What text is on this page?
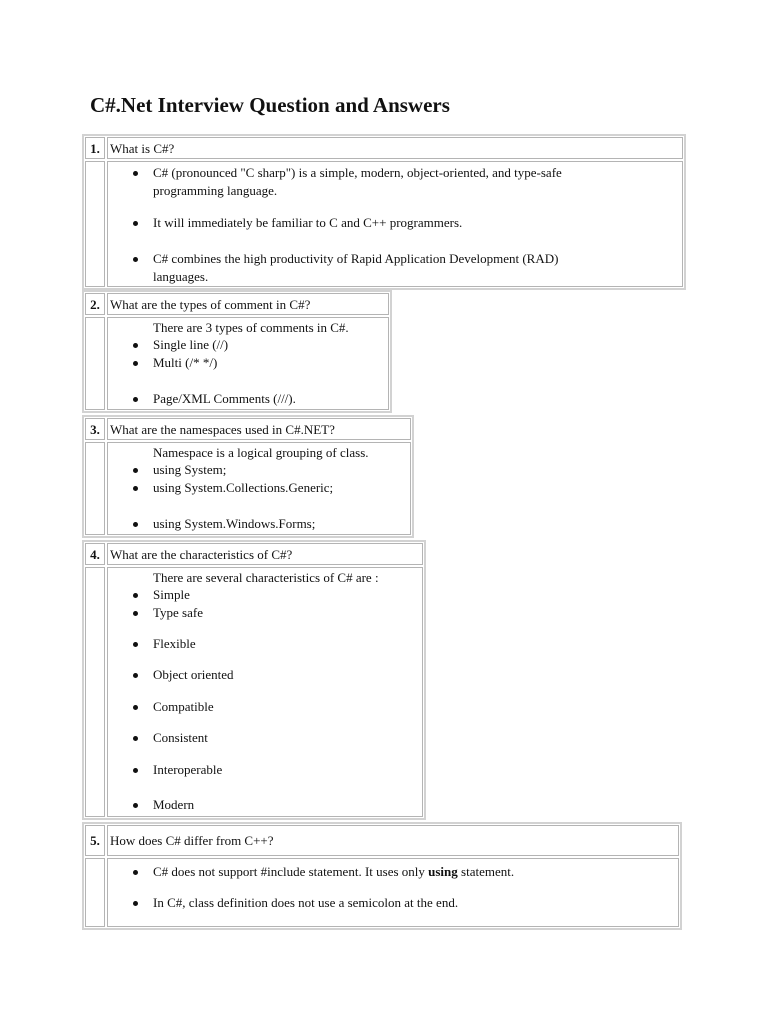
C#.Net Interview Question and Answers
1. What is C#?
C# (pronounced "C sharp") is a simple, modern, object-oriented, and type-safe
programming language.
It will immediately be familiar to C and C++ programmers.
C# combines the high productivity of Rapid Application Development (RAD)
languages.
2. What are the types of comment in C#?
There are 3 types of comments in C#.
Single line (//)
Multi (/* */)
Page/XML Comments (///).
3. What are the namespaces used in C#.NET?
Namespace is a logical grouping of class.
using System;
using System.Collections.Generic;
using System.Windows.Forms;
4. What are the characteristics of C#?
There are several characteristics of C# are :
Simple
Type safe
Flexible
Object oriented
Compatible
Consistent
Interoperable
Modern
5. How does C# differ from C++?
C# does not support #include statement. It uses only using statement.
In C#, class definition does not use a semicolon at the end.
